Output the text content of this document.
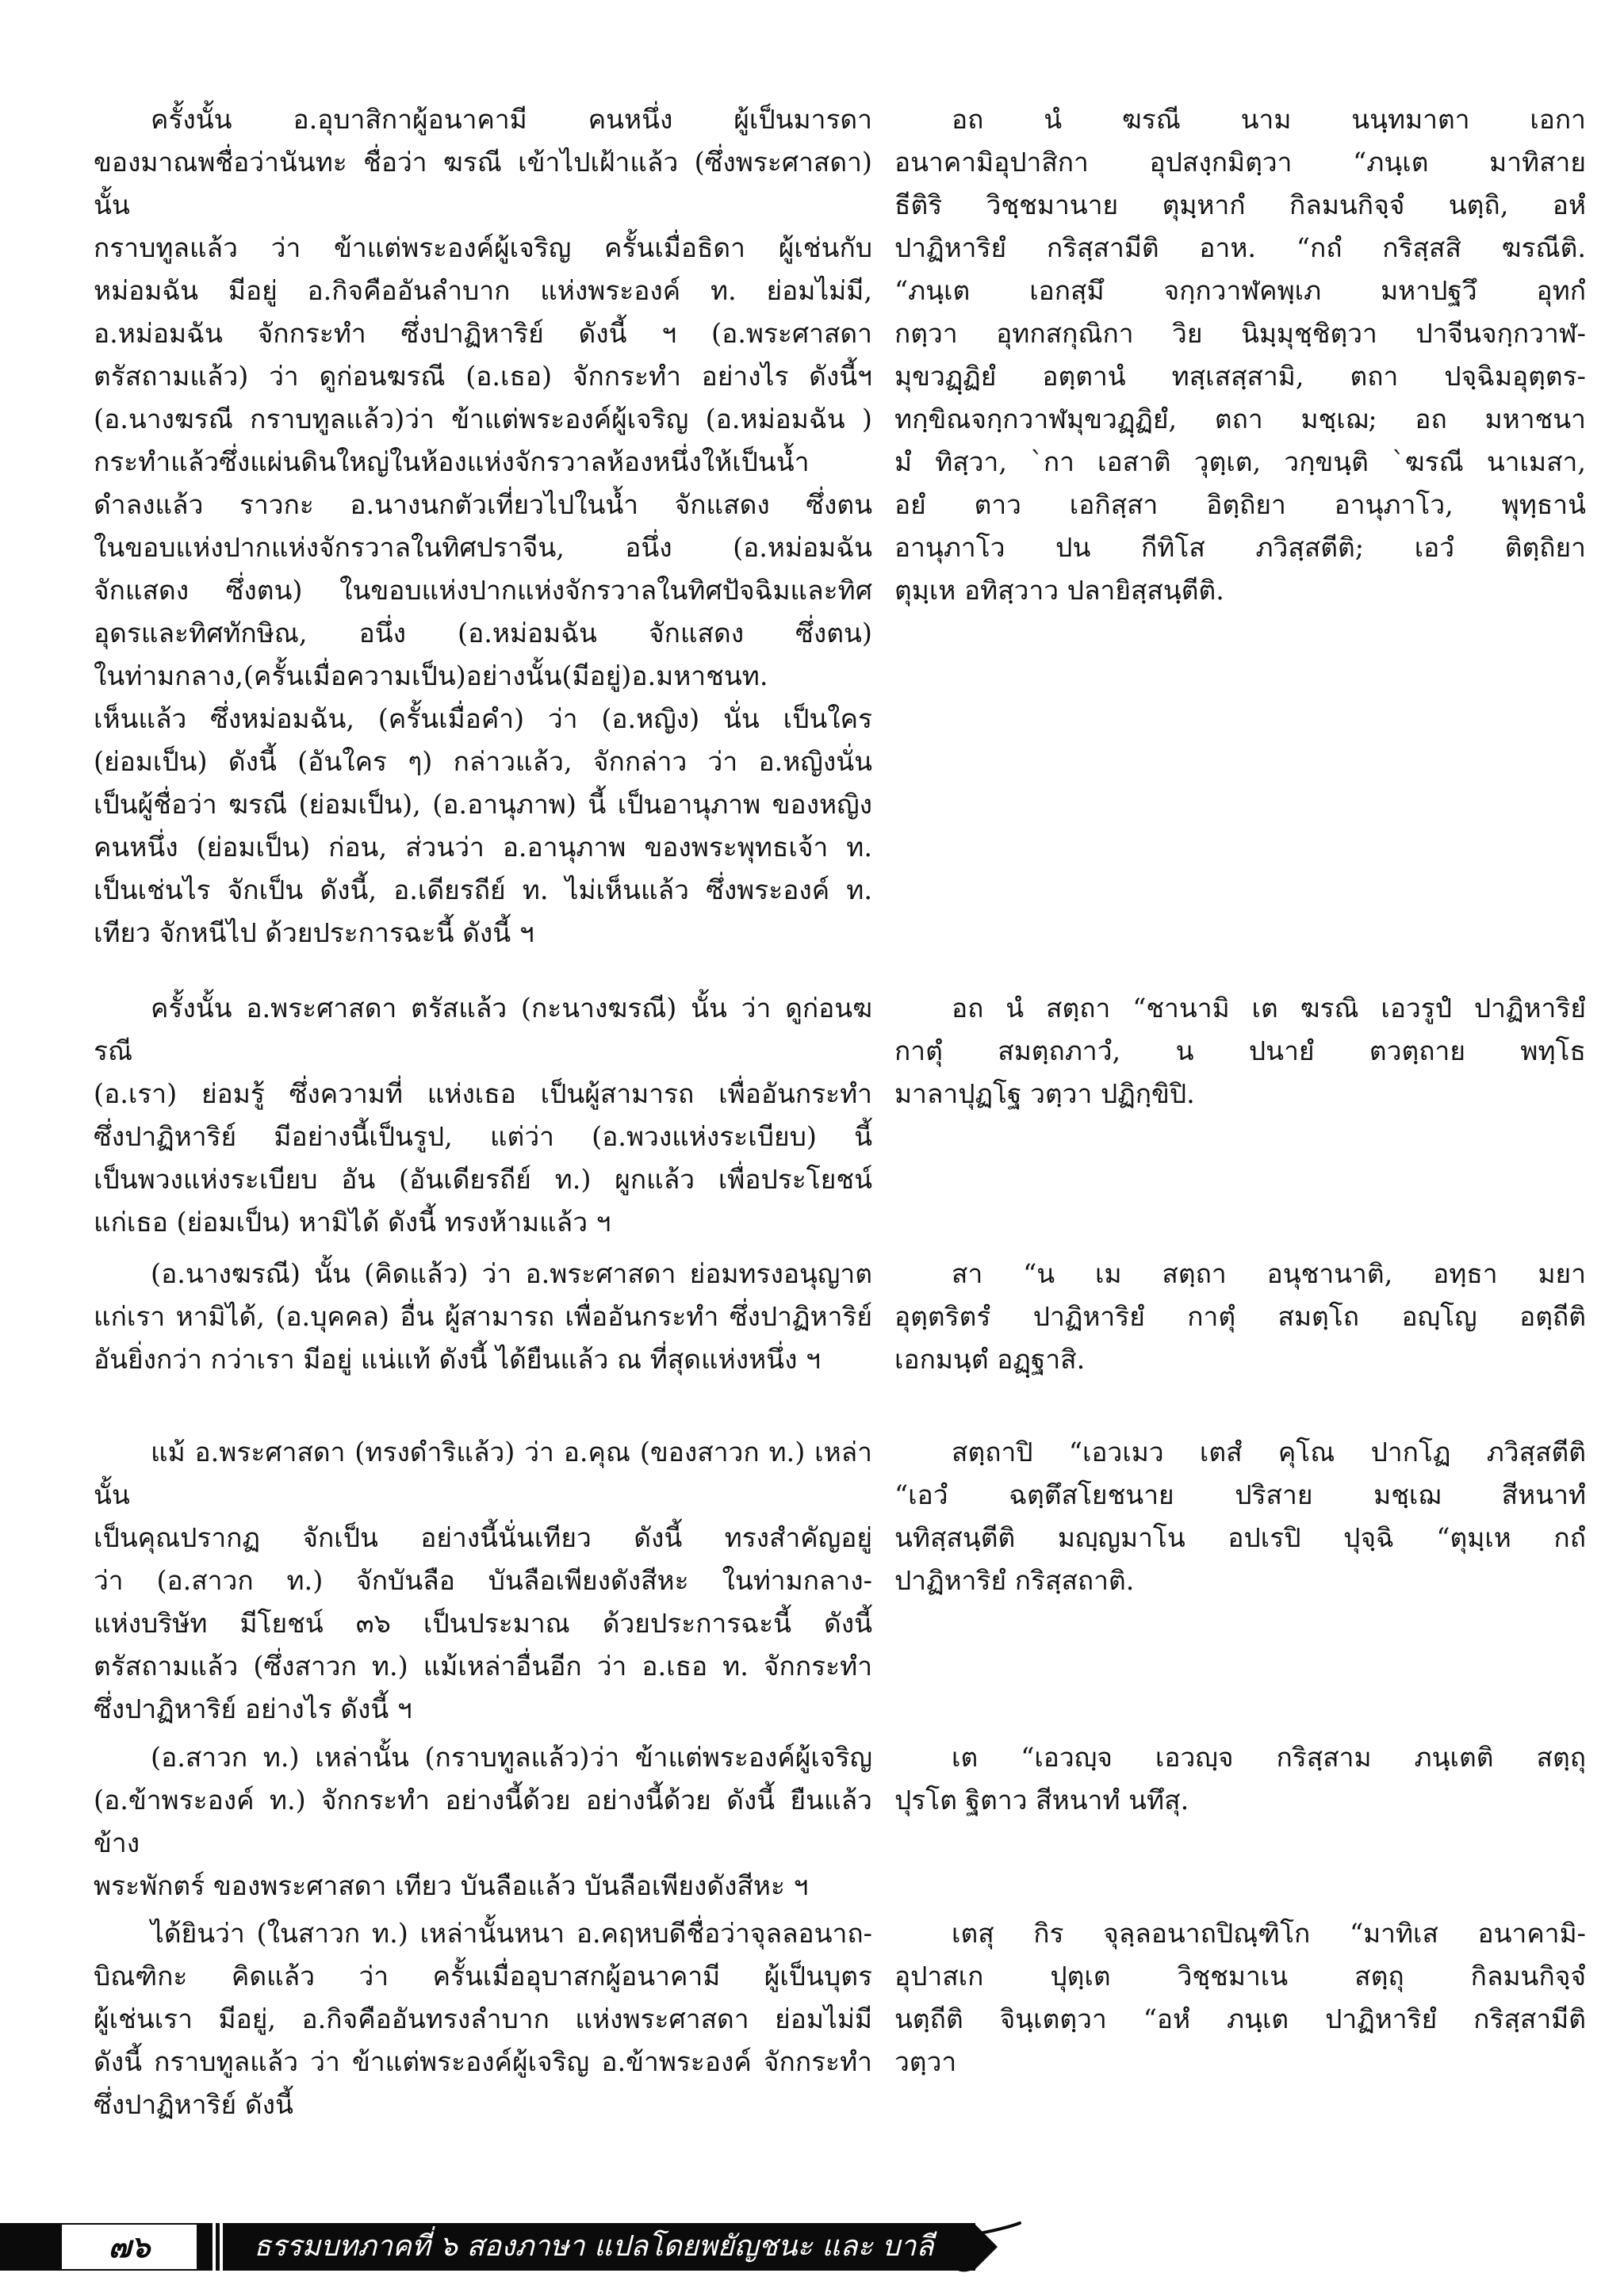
ครั้งนั้น อ.อุบาสิกาผู้อนาคามี คนหนึ่ง ผู้เป็นมารดา
ของมาณพชื่อว่านันทะ ชื่อว่า ฆรณี เข้าไปเฝ้าแล้ว (ซึ่งพระศาสดา) นั้น
กราบทูลแล้ว ว่า ข้าแต่พระองค์ผู้เจริญ ครั้นเมื่อธิดา ผู้เช่นกับ
หม่อมฉัน มีอยู่ อ.กิจคืออันลำบาก แห่งพระองค์ ท. ย่อมไม่มี,
อ.หม่อมฉัน จักกระทำ ซึ่งปาฏิหาริย์ ดังนี้ ฯ (อ.พระศาสดา
ตรัสถามแล้ว) ว่า ดูก่อนฆรณี (อ.เธอ) จักกระทำ อย่างไร ดังนี้ฯ
(อ.นางฆรณี กราบทูลแล้ว)ว่า ข้าแต่พระองค์ผู้เจริญ (อ.หม่อมฉัน )
กระทำแล้วซึ่งแผ่นดินใหญ่ในห้องแห่งจักรวาลห้องหนึ่งให้เป็นน้ำ
ดำลงแล้ว ราวกะ อ.นางนกตัวเที่ยวไปในน้ำ จักแสดง ซึ่งตน
ในขอบแห่งปากแห่งจักรวาลในทิศปราจีน, อนึ่ง (อ.หม่อมฉัน
จักแสดง ซึ่งตน) ในขอบแห่งปากแห่งจักรวาลในทิศปัจฉิมและทิศ
อุดรและทิศทักษิณ, อนึ่ง (อ.หม่อมฉัน จักแสดง ซึ่งตน)
ในท่ามกลาง,(ครั้นเมื่อความเป็น)อย่างนั้น(มีอยู่)อ.มหาชนท.
เห็นแล้ว ซึ่งหม่อมฉัน, (ครั้นเมื่อคำ) ว่า (อ.หญิง) นั่น เป็นใคร
(ย่อมเป็น) ดังนี้ (อันใคร ๆ) กล่าวแล้ว, จักกล่าว ว่า อ.หญิงนั่น
เป็นผู้ชื่อว่า ฆรณี (ย่อมเป็น), (อ.อานุภาพ) นี้ เป็นอานุภาพ ของหญิง
คนหนึ่ง (ย่อมเป็น) ก่อน, ส่วนว่า อ.อานุภาพ ของพระพุทธเจ้า ท.
เป็นเช่นไร จักเป็น ดังนี้, อ.เดียรถีย์ ท. ไม่เห็นแล้ว ซึ่งพระองค์ ท.
เทียว จักหนีไป ด้วยประการฉะนี้ ดังนี้ ฯ
ครั้งนั้น อ.พระศาสดา ตรัสแล้ว (กะนางฆรณี) นั้น ว่า ดูก่อนฆรณี
(อ.เรา) ย่อมรู้ ซึ่งความที่ แห่งเธอ เป็นผู้สามารถ เพื่ออันกระทำ
ซึ่งปาฏิหาริย์ มีอย่างนี้เป็นรูป, แต่ว่า (อ.พวงแห่งระเบียบ) นี้
เป็นพวงแห่งระเบียบ อัน (อันเดียรถีย์ ท.) ผูกแล้ว เพื่อประโยชน์
แก่เธอ (ย่อมเป็น) หามิได้ ดังนี้ ทรงห้ามแล้ว ฯ
(อ.นางฆรณี) นั้น (คิดแล้ว) ว่า อ.พระศาสดา ย่อมทรงอนุญาต
แก่เรา หามิได้, (อ.บุคคล) อื่น ผู้สามารถ เพื่ออันกระทำ ซึ่งปาฏิหาริย์
อันยิ่งกว่า กว่าเรา มีอยู่ แน่แท้ ดังนี้ ได้ยืนแล้ว ณ ที่สุดแห่งหนึ่ง ฯ
แม้ อ.พระศาสดา (ทรงดำริแล้ว) ว่า อ.คุณ (ของสาวก ท.) เหล่านั้น
เป็นคุณปรากฏ จักเป็น อย่างนี้นั่นเทียว ดังนี้ ทรงสำคัญอยู่
ว่า (อ.สาวก ท.) จักบันลือ บันลือเพียงดังสีหะ ในท่ามกลาง-
แห่งบริษัท มีโยชน์ ๓๖ เป็นประมาณ ด้วยประการฉะนี้ ดังนี้
ตรัสถามแล้ว (ซึ่งสาวก ท.) แม้เหล่าอื่นอีก ว่า อ.เธอ ท. จักกระทำ
ซึ่งปาฏิหาริย์ อย่างไร ดังนี้ ฯ
(อ.สาวก ท.) เหล่านั้น (กราบทูลแล้ว)ว่า ข้าแต่พระองค์ผู้เจริญ
(อ.ข้าพระองค์ ท.) จักกระทำ อย่างนี้ด้วย อย่างนี้ด้วย ดังนี้ ยืนแล้ว ข้าง
พระพักตร์ ของพระศาสดา เทียว บันลือแล้ว บันลือเพียงดังสีหะ ฯ
ได้ยินว่า (ในสาวก ท.) เหล่านั้นหนา อ.คฤหบดีชื่อว่าจุลลอนาถ-
บิณฑิกะ คิดแล้ว ว่า ครั้นเมื่ออุบาสกผู้อนาคามี ผู้เป็นบุตร
ผู้เช่นเรา มีอยู่, อ.กิจคืออันทรงลำบาก แห่งพระศาสดา ย่อมไม่มี
ดังนี้ กราบทูลแล้ว ว่า ข้าแต่พระองค์ผู้เจริญ อ.ข้าพระองค์ จักกระทำ
ซึ่งปาฏิหาริย์ ดังนี้
อถ นํ ฆรณี นาม นนฺทมาตา เอกา
อนาคามิอุปาสิกา อุปสงฺกมิตฺวา “ภนฺเต มาทิสาย
ธีติริ วิชฺชมานาย ตุมฺหากํ กิลมนกิจฺจํ นตฺถิ, อหํ
ปาฏิหาริยํ กริสฺสามีติ อาห. “กถํ กริสฺสสิ ฆรณีติ.
“ภนฺเต เอกสฺมึ จกฺกวาฬคพฺเภ มหาปฐวึ อุทกํ
กตฺวา อุทกสกุณิกา วิย นิมฺมุชฺชิตฺวา ปาจีนจกฺกวาฬ-
มุขวฏฺฏิยํ อตฺตานํ ทสฺเสสฺสามิ, ตถา ปจฺฉิมอุตฺตร-
ทกฺขิณจกฺกวาฬมุขวฏฺฏิยํ, ตถา มชฺเฌ; อถ มหาชนา
มํ ทิสฺวา, `กา เอสาติ วุตฺเต, วกฺขนฺติ `ฆรณี นาเมสา,
อยํ ตาว เอกิสฺสา อิตฺถิยา อานุภาโว, พุทฺธานํ
อานุภาโว ปน กีทิโส ภวิสฺสตีติ; เอวํ ติตฺถิยา
ตุมฺเห อทิสฺวาว ปลายิสฺสนฺตีติ.
อถ นํ สตฺถา “ชานามิ เต ฆรณิ เอวรูปํ ปาฏิหาริยํ
กาตุํ สมตฺถภาวํ, น ปนายํ ตวตฺถาย พทฺโธ
มาลาปุฏโฐ วตฺวา ปฏิกฺขิปิ.
สา “น เม สตฺถา อนุชานาติ, อทฺธา มยา
อุตฺตริตรํ ปาฏิหาริยํ กาตุํ สมตฺโถ อญฺโญ อตฺถีติ
เอกมนฺตํ อฏฺฐาสิ.
สตฺถาปิ “เอวเมว เตสํ คุโณ ปากโฏ ภวิสฺสตีติ
“เอวํ ฉตฺตึสโยชนาย ปริสาย มชฺเฌ สีหนาทํ
นทิสฺสนฺตีติ มญฺญมาโน อปเรปิ ปุจฺฉิ “ตุมฺเห กถํ
ปาฏิหาริยํ กริสฺสถาติ.
เต “เอวญฺจ เอวญฺจ กริสฺสาม ภนฺเตติ สตฺถุ
ปุรโต ฐิตาว สีหนาทํ นทึสุ.
เตสุ กิร จุลฺลอนาถปิณฺฑิโก “มาทิเส อนาคามิ-
อุปาสเก ปุตฺเต วิชฺชมาเน สตฺถุ กิลมนกิจฺจํ
นตฺถีติ จินฺเตตฺวา “อหํ ภนฺเต ปาฏิหาริยํ กริสฺสามีติ
วตฺวา
๗๖	ธรรมบทภาคที่ ๖ สองภาษา แปลโดยพยัญชนะ และ บาลี
